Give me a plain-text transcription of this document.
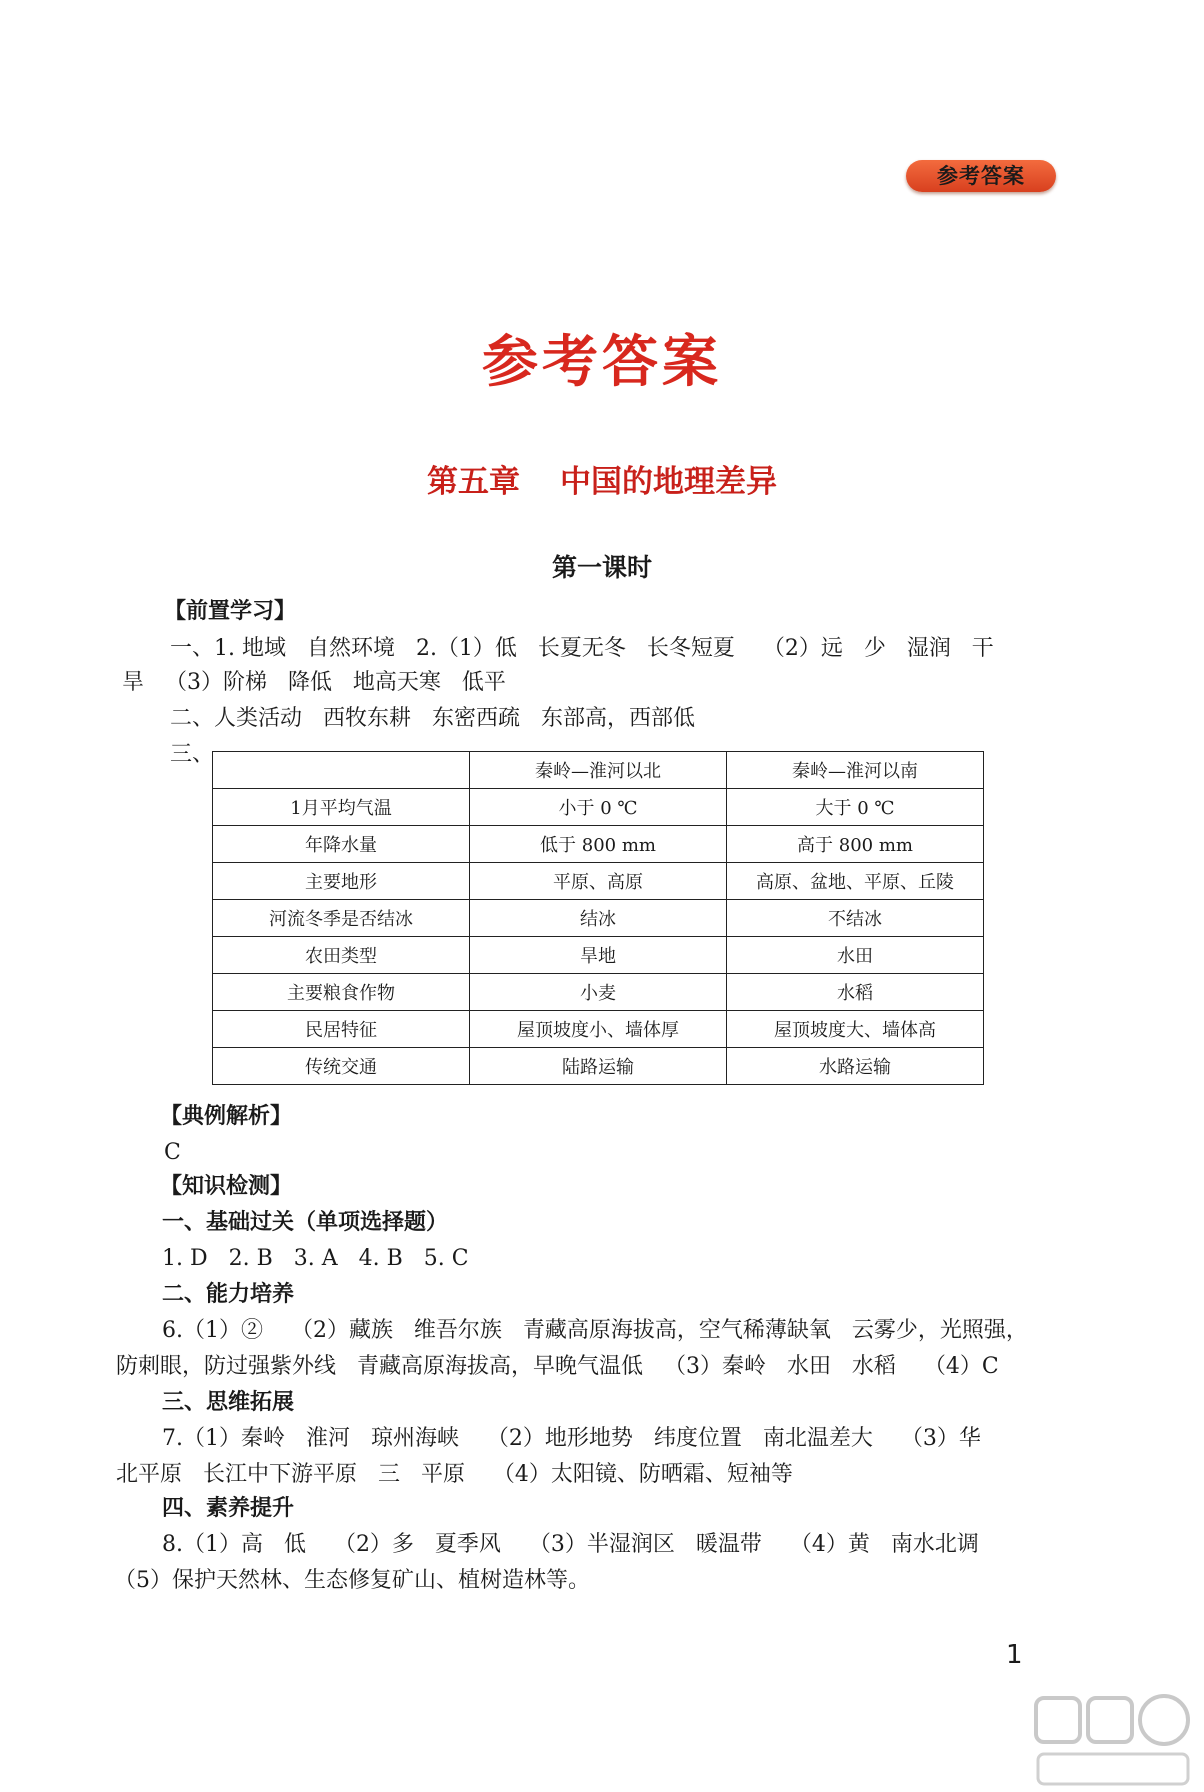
参考答案
参考答案
第五章 中国的地理差异
第一课时
【前置学习】
一、1. 地域   自然环境   2.（1）低   长夏无冬   长冬短夏    （2）远   少   湿润   干
旱   （3）阶梯   降低   地高天寒   低平
二、人类活动   西牧东耕   东密西疏   东部高，西部低
三、
	秦岭—淮河以北	秦岭—淮河以南
1月平均气温	小于 0 ℃	大于 0 ℃
年降水量	低于 800 mm	高于 800 mm
主要地形	平原、高原	高原、盆地、平原、丘陵
河流冬季是否结冰	结冰	不结冰
农田类型	旱地	水田
主要粮食作物	小麦	水稻
民居特征	屋顶坡度小、墙体厚	屋顶坡度大、墙体高
传统交通	陆路运输	水路运输
【典例解析】
C
【知识检测】
一、基础过关（单项选择题）
1. D   2. B   3. A   4. B   5. C
二、能力培养
6.（1）②    （2）藏族   维吾尔族   青藏高原海拔高，空气稀薄缺氧   云雾少，光照强，
防刺眼，防过强紫外线   青藏高原海拔高，早晚气温低   （3）秦岭   水田   水稻    （4）C
三、思维拓展
7.（1）秦岭   淮河   琼州海峡    （2）地形地势   纬度位置   南北温差大    （3）华
北平原   长江中下游平原   三   平原    （4）太阳镜、防晒霜、短袖等
四、素养提升
8.（1）高   低    （2）多   夏季风    （3）半湿润区   暖温带    （4）黄   南水北调
（5）保护天然林、生态修复矿山、植树造林等。
1
